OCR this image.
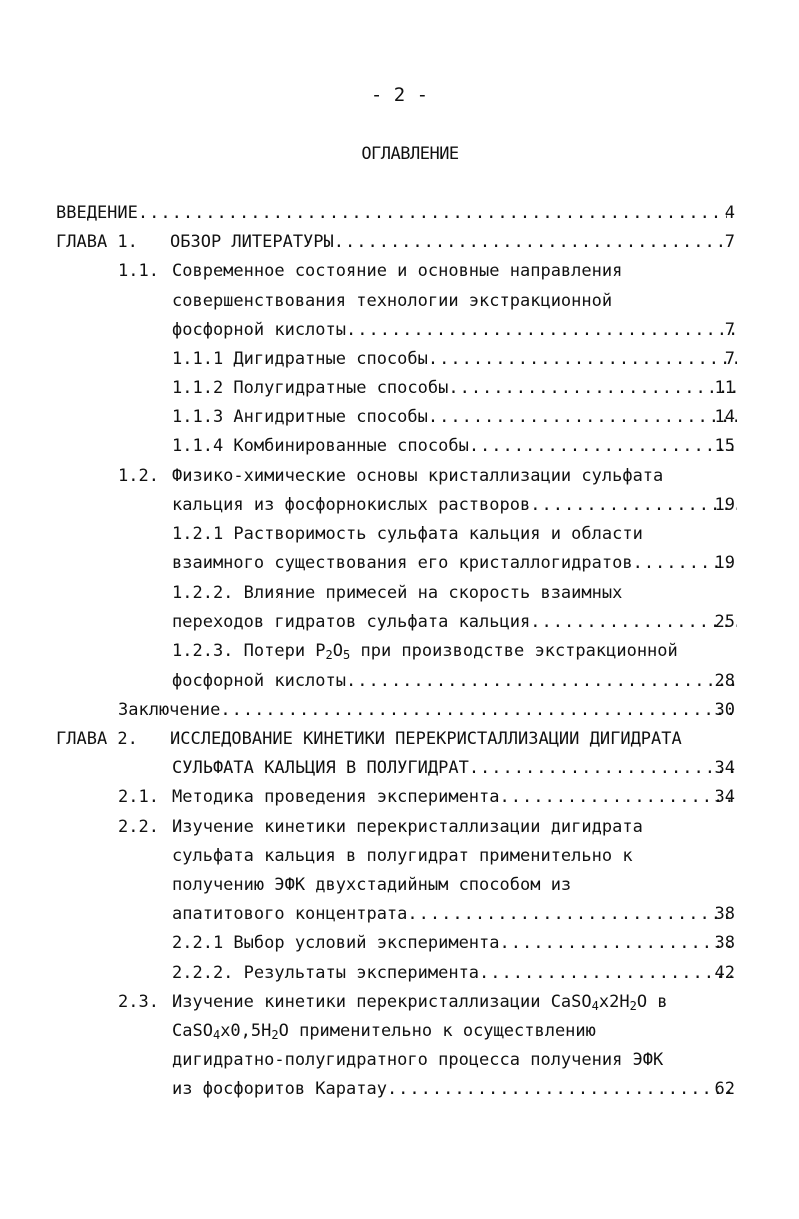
- 2 -
ОГЛАВЛЕНИЕ
ВВЕДЕНИЕ .....	4
ГЛАВА 1. ОБЗОР ЛИТЕРАТУРЫ .....	7
1.1. Современное состояние и основные направления
совершенствования технологии экстракционной
фосфорной кислоты .....	7
1.1.1 Дигидратные способы .....	7
1.1.2 Полугидратные способы .....	11
1.1.3 Ангидритные способы .....	14
1.1.4 Комбинированные способы .....	15
1.2. Физико-химические основы кристаллизации сульфата
кальция из фосфорнокислых растворов .....	19
1.2.1 Растворимость сульфата кальция и области
взаимного существования его кристаллогидратов .....	19
1.2.2. Влияние примесей на скорость взаимных
переходов гидратов сульфата кальция .....	25
1.2.3. Потери $P_2O_5$ при производстве экстракционной
фосфорной кислоты .....	28
Заключение .....	30
ГЛАВА 2. ИССЛЕДОВАНИЕ КИНЕТИКИ ПЕРЕКРИСТАЛЛИЗАЦИИ ДИГИДРАТА
СУЛЬФАТА КАЛЬЦИЯ В ПОЛУГИДРАТ .....	34
2.1. Методика проведения эксперимента .....	34
2.2. Изучение кинетики перекристаллизации дигидрата
сульфата кальция в полугидрат применительно к
получению ЭФК двухстадийным способом из
апатитового концентрата .....	38
2.2.1 Выбор условий эксперимента .....	38
2.2.2. Результаты эксперимента .....	42
2.3. Изучение кинетики перекристаллизации $CaSO_4x2H_2O$ в
$CaSO_4x0,5H_2O$ применительно к осуществлению
дигидратно-полугидратного процесса получения ЭФК
из фосфоритов Каратау .....	62
